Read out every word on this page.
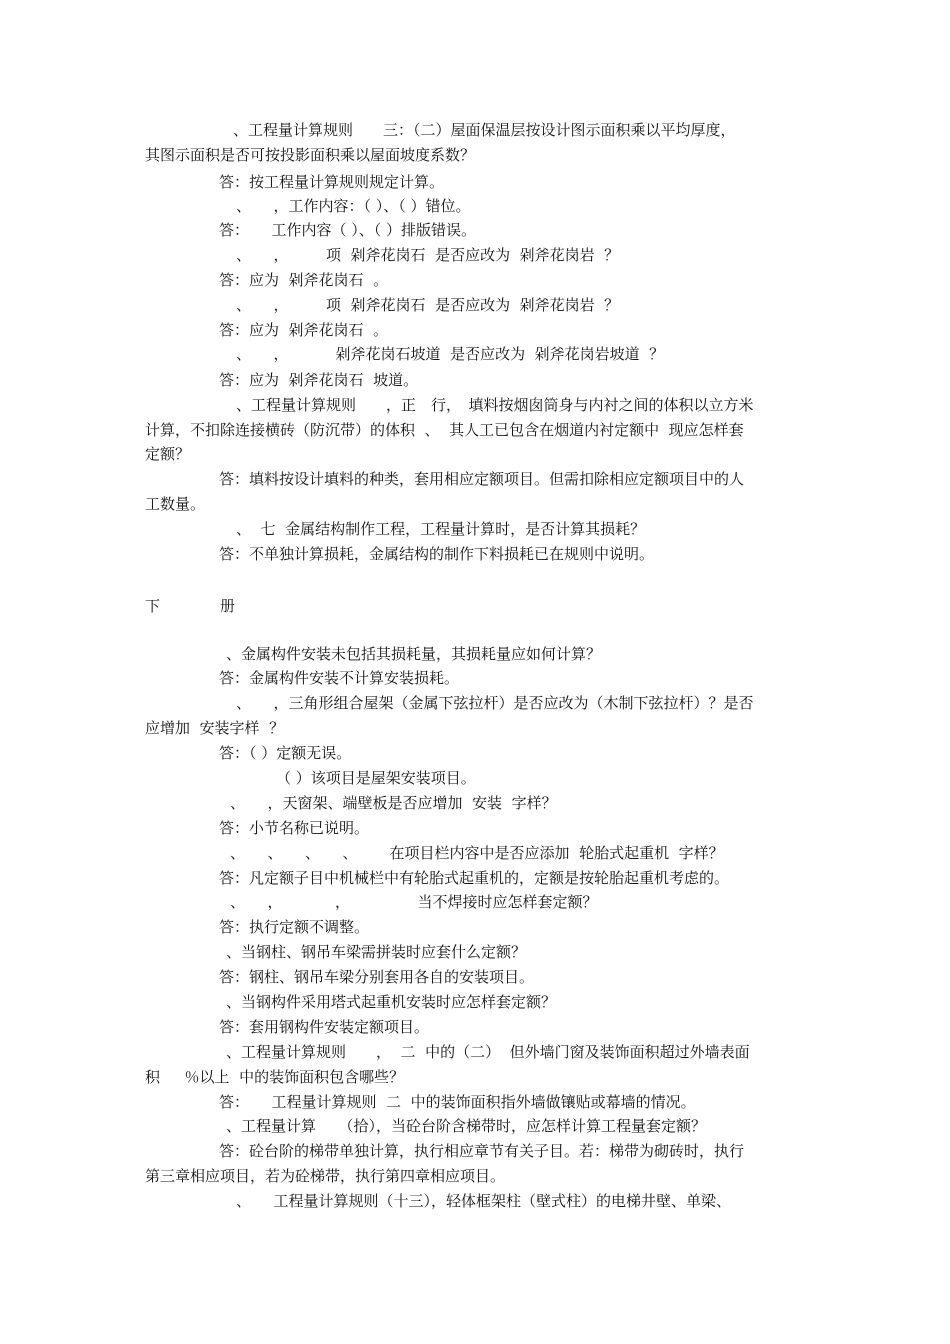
、工程量计算规则　　三：（二）屋面保温层按设计图示面积乘以平均厚度，
其图示面积是否可按投影面积乘以屋面坡度系数？
答：按工程量计算规则规定计算。
、　　，工作内容：（ ）、（ ）错位。
答：　　工作内容（ ）、（ ）排版错误。
、　　，　　　项  剁斧花岗石  是否应改为  剁斧花岗岩  ？
答：应为  剁斧花岗石  。
、　　，　　　项  剁斧花岗石  是否应改为  剁斧花岗岩  ？
答：应为  剁斧花岗石  。
、　　，　　　  剁斧花岗石坡道  是否应改为  剁斧花岗岩坡道  ？
答：应为  剁斧花岗石  坡道。
、工程量计算规则　　，正　行，　填料按烟囱筒身与内衬之间的体积以立方米
计算，不扣除连接横砖（防沉带）的体积  、  其人工已包含在烟道内衬定额中  现应怎样套
定额？
答：填料按设计填料的种类，套用相应定额项目。但需扣除相应定额项目中的人
工数量。
、  七  金属结构制作工程，工程量计算时，是否计算其损耗？
答：不单独计算损耗，金属结构的制作下料损耗已在规则中说明。
下　　　　册
、金属构件安装未包括其损耗量，其损耗量应如何计算？
答：金属构件安装不计算安装损耗。
、　　，三角形组合屋架（金属下弦拉杆）是否应改为（木制下弦拉杆）？是否
应增加  安装字样  ？
答：（ ）定额无误。
（ ）该项目是屋架安装项目。
、　　，天窗架、端壁板是否应增加  安装  字样？
答：小节名称已说明。
、　　、　　、　　、　　  在项目栏内容中是否应添加  轮胎式起重机  字样？
答：凡定额子目中机械栏中有轮胎式起重机的，定额是按轮胎起重机考虑的。
、　　，　　　　，　　　　　当不焊接时应怎样套定额？
答：执行定额不调整。
、当钢柱、钢吊车梁需拼装时应套什么定额？
答：钢柱、钢吊车梁分别套用各自的安装项目。
、当钢构件采用塔式起重机安装时应怎样套定额？
答：套用钢构件安装定额项目。
、工程量计算规则　　，  二  中的（二）  但外墙门窗及装饰面积超过外墙表面
积　  ％以上  中的装饰面积包含哪些？
答：　　工程量计算规则  二  中的装饰面积指外墙做镶贴或幕墙的情况。
、工程量计算　　（拾），当砼台阶含梯带时，应怎样计算工程量套定额？
答：砼台阶的梯带单独计算，执行相应章节有关子目。若：梯带为砌砖时，执行
第三章相应项目，若为砼梯带，执行第四章相应项目。
、　　工程量计算规则（十三），轻体框架柱（壁式柱）的电梯井壁、单梁、
